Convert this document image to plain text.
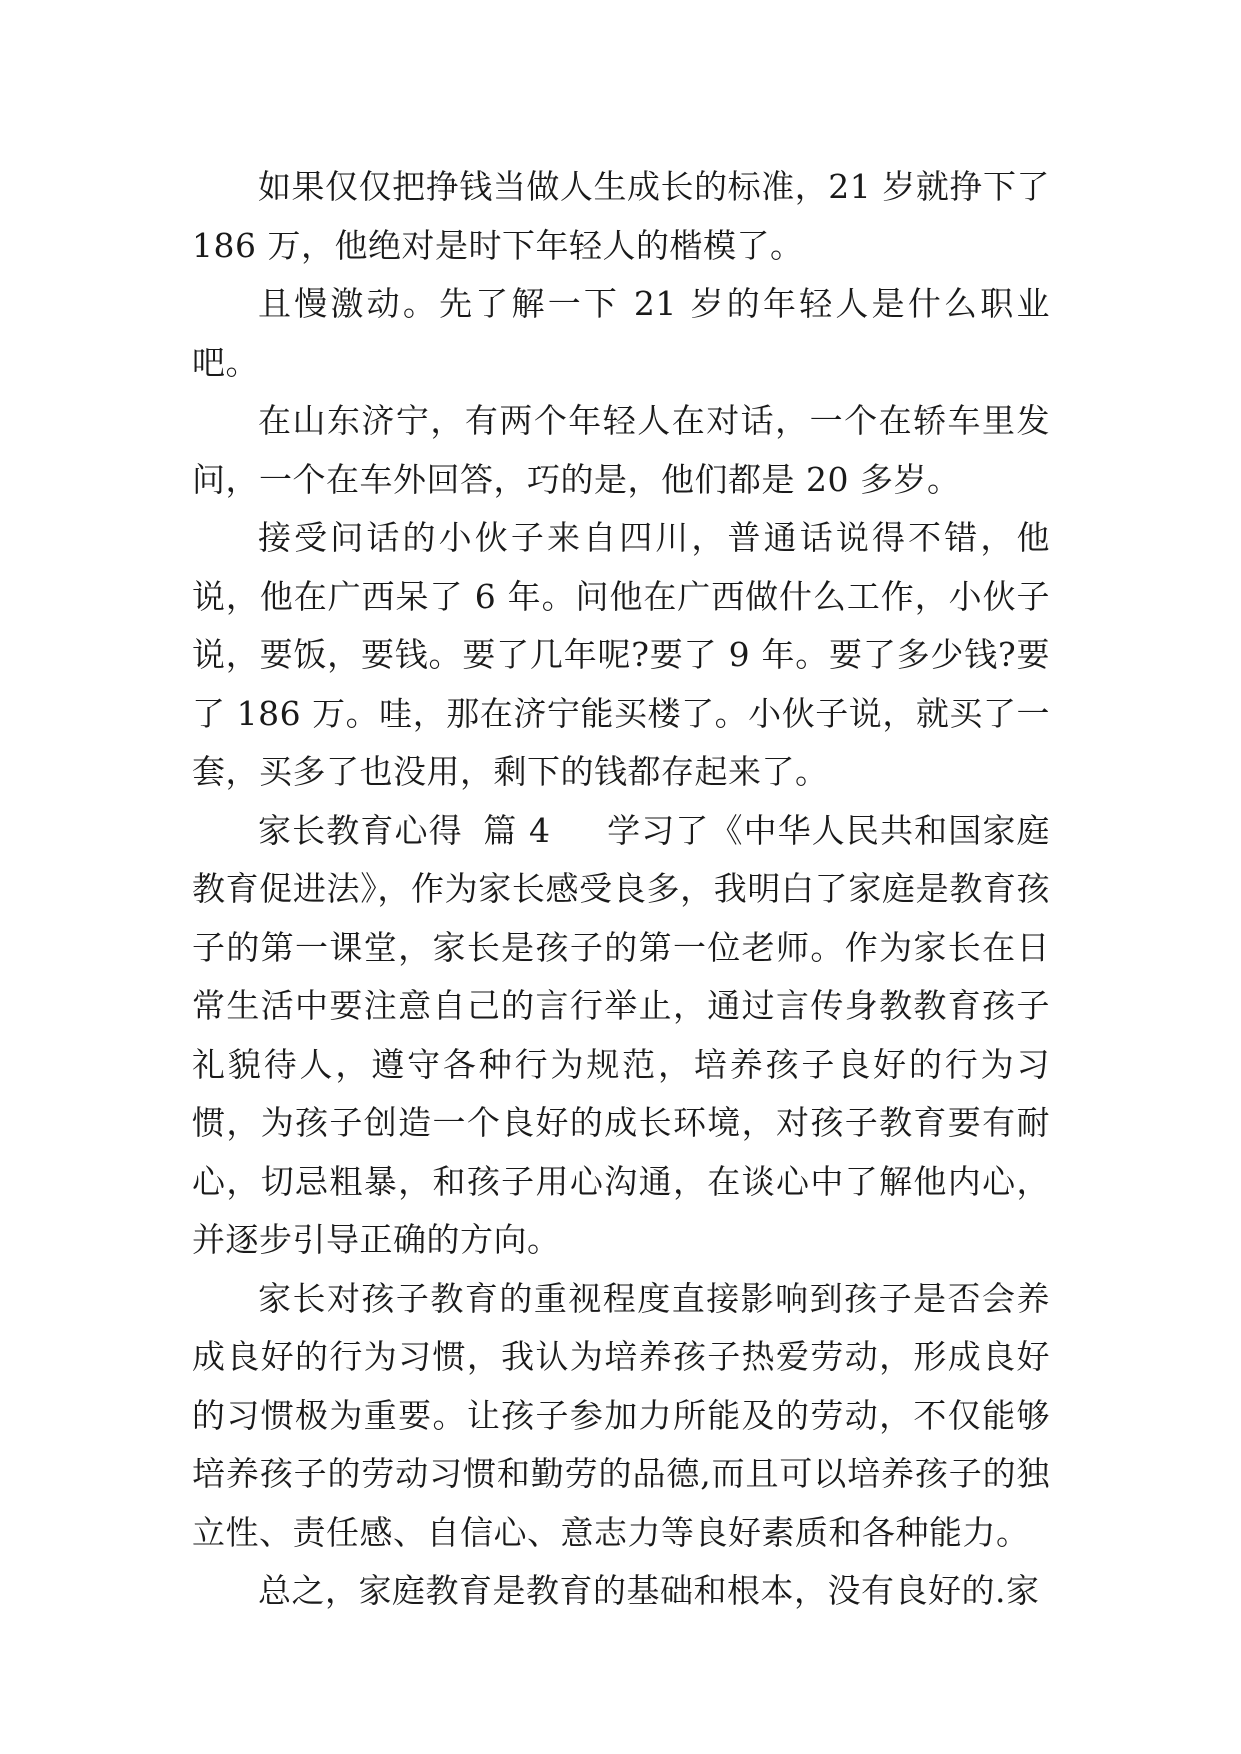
如果仅仅把挣钱当做人生成长的标准，21 岁就挣下了 186 万，他绝对是时下年轻人的楷模了。

且慢激动。先了解一下 21 岁的年轻人是什么职业吧。

在山东济宁，有两个年轻人在对话，一个在轿车里发问，一个在车外回答，巧的是，他们都是 20 多岁。

接受问话的小伙子来自四川，普通话说得不错，他说，他在广西呆了 6 年。问他在广西做什么工作，小伙子说，要饭，要钱。要了几年呢?要了 9 年。要了多少钱?要了 186 万。哇，那在济宁能买楼了。小伙子说，就买了一套，买多了也没用，剩下的钱都存起来了。

家长教育心得 篇 4 学习了《中华人民共和国家庭教育促进法》，作为家长感受良多，我明白了家庭是教育孩子的第一课堂，家长是孩子的第一位老师。作为家长在日常生活中要注意自己的言行举止，通过言传身教教育孩子礼貌待人，遵守各种行为规范，培养孩子良好的行为习惯，为孩子创造一个良好的成长环境，对孩子教育要有耐心，切忌粗暴，和孩子用心沟通，在谈心中了解他内心，并逐步引导正确的方向。

家长对孩子教育的重视程度直接影响到孩子是否会养成良好的行为习惯，我认为培养孩子热爱劳动，形成良好的习惯极为重要。让孩子参加力所能及的劳动，不仅能够培养孩子的劳动习惯和勤劳的品德,而且可以培养孩子的独立性、责任感、自信心、意志力等良好素质和各种能力。

总之，家庭教育是教育的基础和根本，没有良好的.家
